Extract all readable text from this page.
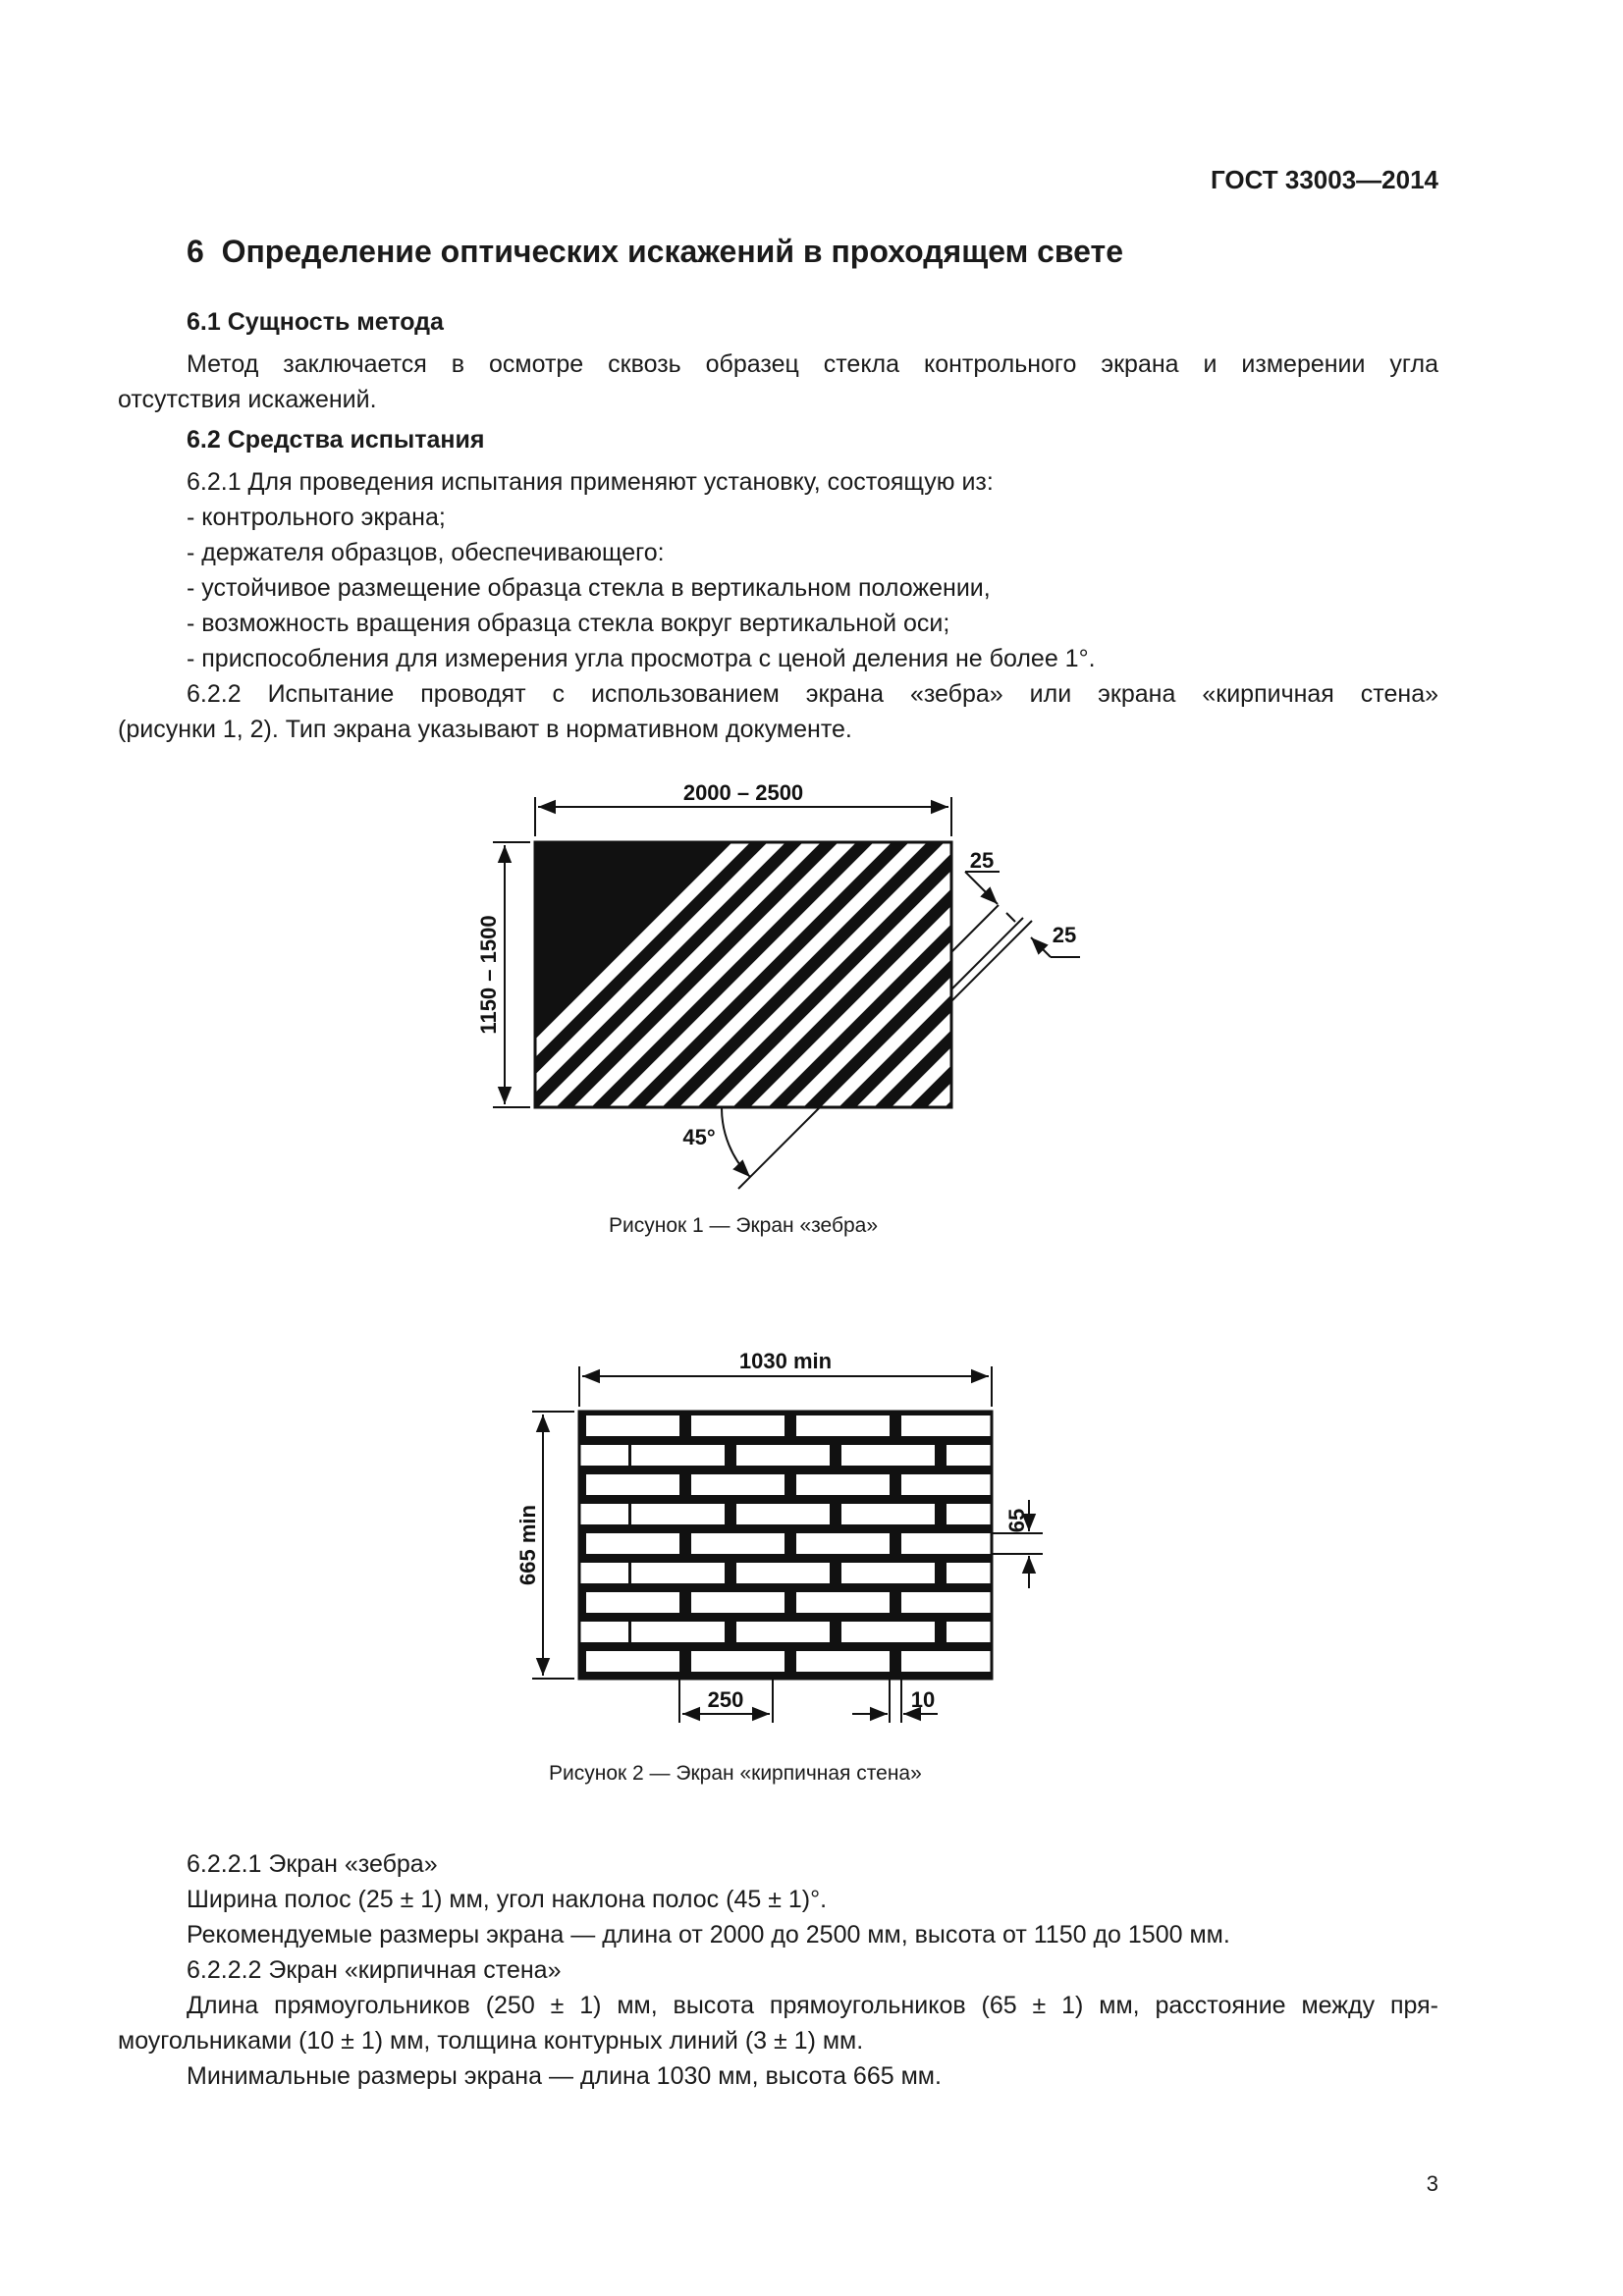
ГОСТ 33003—2014
6 Определение оптических искажений в проходящем свете
6.1 Сущность метода
Метод заключается в осмотре сквозь образец стекла контрольного экрана и измерении угла
отсутствия искажений.
6.2 Средства испытания
6.2.1 Для проведения испытания применяют установку, состоящую из:
- контрольного экрана;
- держателя образцов, обеспечивающего:
- устойчивое размещение образца стекла в вертикальном положении,
- возможность вращения образца стекла вокруг вертикальной оси;
- приспособления для измерения угла просмотра с ценой деления не более 1°.
6.2.2 Испытание проводят с использованием экрана «зебра» или экрана «кирпичная стена»
(рисунки 1, 2). Тип экрана указывают в нормативном документе.
2000 – 2500
1150 – 1500
25
25
45°
Рисунок 1 — Экран «зебра»
1030 min
665 min	65
250	10
Рисунок 2 — Экран «кирпичная стена»
6.2.2.1 Экран «зебра»
Ширина полос (25 ± 1) мм, угол наклона полос (45 ± 1)°.
Рекомендуемые размеры экрана — длина от 2000 до 2500 мм, высота от 1150 до 1500 мм.
6.2.2.2 Экран «кирпичная стена»
Длина прямоугольников (250 ± 1) мм, высота прямоугольников (65 ± 1) мм, расстояние между пря-
моугольниками (10 ± 1) мм, толщина контурных линий (3 ± 1) мм.
Минимальные размеры экрана — длина 1030 мм, высота 665 мм.
3
